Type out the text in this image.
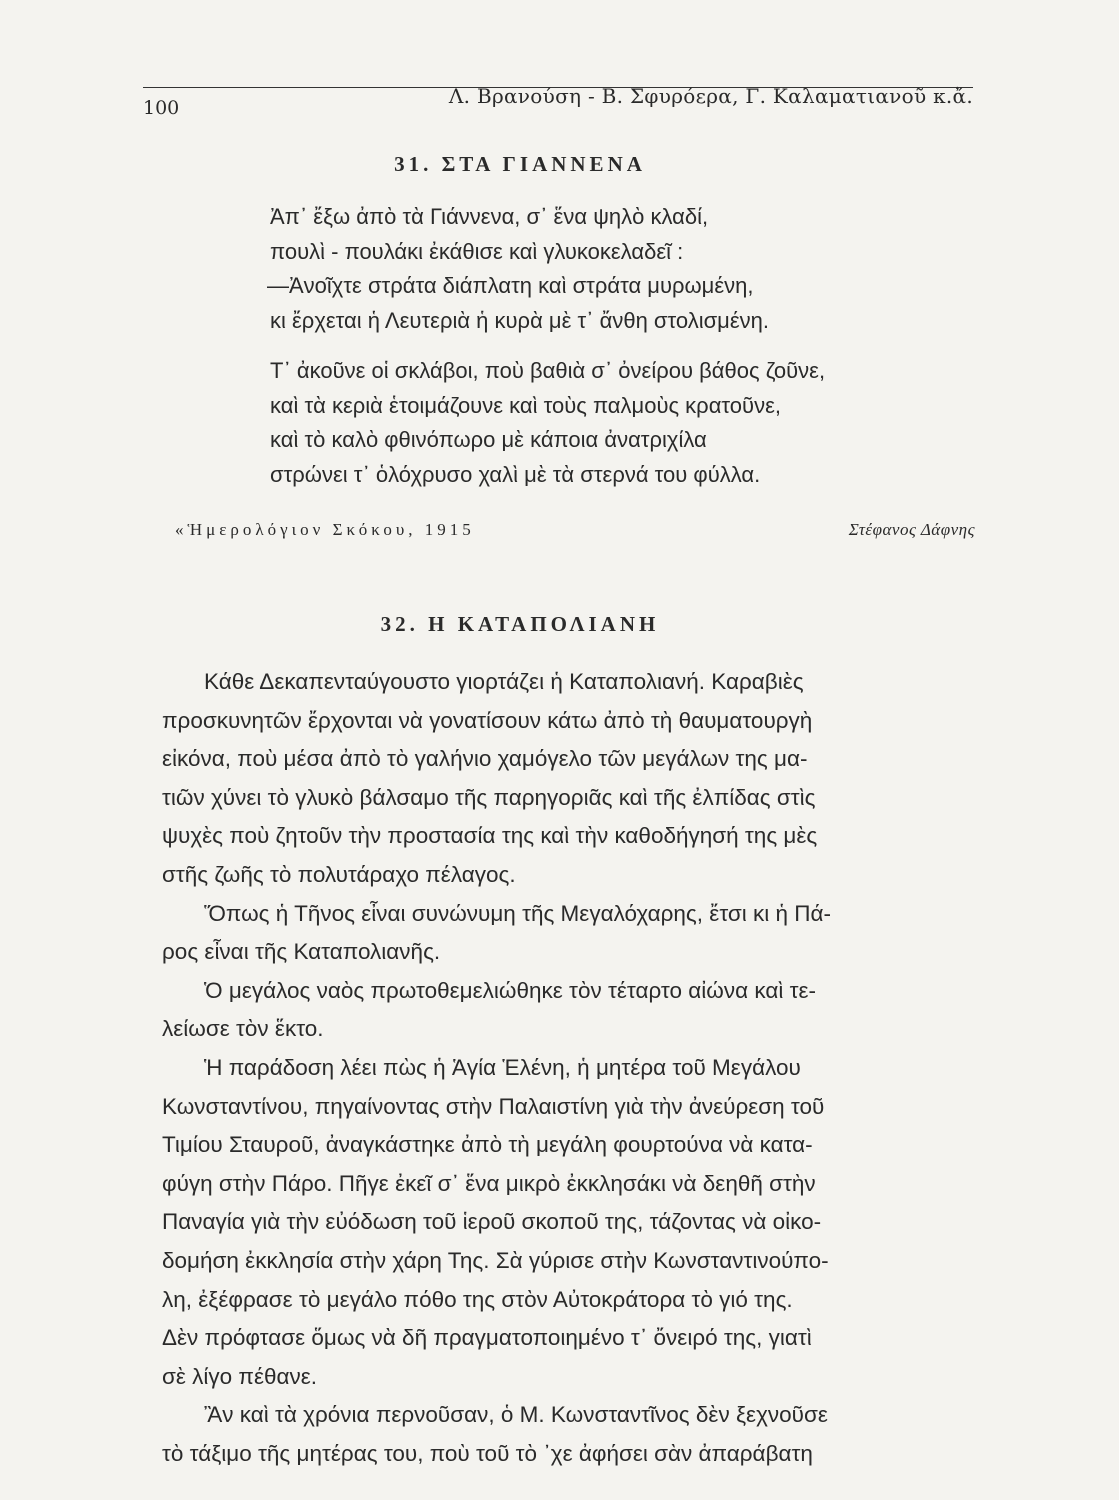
100	Λ. Βρανούση - Β. Σφυρόερα, Γ. Καλαματιανοῦ κ.ἄ.
31. ΣΤΑ ΓΙΑΝΝΕΝΑ
Ἀπ᾽ ἔξω ἀπὸ τὰ Γιάννενα, σ᾽ ἕνα ψηλὸ κλαδί,
πουλὶ - πουλάκι ἐκάθισε καὶ γλυκοκελαδεῖ :
—Ἀνοῖχτε στράτα διάπλατη καὶ στράτα μυρωμένη,
κι ἔρχεται ἡ Λευτεριὰ ἡ κυρὰ μὲ τ᾽ ἄνθη στολισμένη.
Τ᾽ ἀκοῦνε οἱ σκλάβοι, ποὺ βαθιὰ σ᾽ ὀνείρου βάθος ζοῦνε,
καὶ τὰ κεριὰ ἑτοιμάζουνε καὶ τοὺς παλμοὺς κρατοῦνε,
καὶ τὸ καλὸ φθινόπωρο μὲ κάποια ἀνατριχίλα
στρώνει τ᾽ ὁλόχρυσο χαλὶ μὲ τὰ στερνά του φύλλα.
«Ἡμερολόγιον Σκόκου, 1915	Στέφανος Δάφνης
32. Η ΚΑΤΑΠΟΛΙΑΝΗ

Κάθε Δεκαπενταύγουστο γιορτάζει ἡ Καταπολιανή. Καραβιὲς
προσκυνητῶν ἔρχονται νὰ γονατίσουν κάτω ἀπὸ τὴ θαυματουργὴ
εἰκόνα, ποὺ μέσα ἀπὸ τὸ γαλήνιο χαμόγελο τῶν μεγάλων της μα-
τιῶν χύνει τὸ γλυκὸ βάλσαμο τῆς παρηγοριᾶς καὶ τῆς ἐλπίδας στὶς
ψυχὲς ποὺ ζητοῦν τὴν προστασία της καὶ τὴν καθοδήγησή της μὲς
στῆς ζωῆς τὸ πολυτάραχο πέλαγος.

Ὅπως ἡ Τῆνος εἶναι συνώνυμη τῆς Μεγαλόχαρης, ἔτσι κι ἡ Πά-
ρος εἶναι τῆς Καταπολιανῆς.

Ὁ μεγάλος ναὸς πρωτοθεμελιώθηκε τὸν τέταρτο αἰώνα καὶ τε-
λείωσε τὸν ἕκτο.

Ἡ παράδοση λέει πὼς ἡ Ἁγία Ἑλένη, ἡ μητέρα τοῦ Μεγάλου
Κωνσταντίνου, πηγαίνοντας στὴν Παλαιστίνη γιὰ τὴν ἀνεύρεση τοῦ
Τιμίου Σταυροῦ, ἀναγκάστηκε ἀπὸ τὴ μεγάλη φουρτούνα νὰ κατα-
φύγη στὴν Πάρο. Πῆγε ἐκεῖ σ᾽ ἕνα μικρὸ ἐκκλησάκι νὰ δεηθῆ στὴν
Παναγία γιὰ τὴν εὐόδωση τοῦ ἱεροῦ σκοποῦ της, τάζοντας νὰ οἰκο-
δομήση ἐκκλησία στὴν χάρη Της. Σὰ γύρισε στὴν Κωνσταντινούπο-
λη, ἐξέφρασε τὸ μεγάλο πόθο της στὸν Αὐτοκράτορα τὸ γιό της.
Δὲν πρόφτασε ὅμως νὰ δῆ πραγματοποιημένο τ᾽ ὄνειρό της, γιατὶ
σὲ λίγο πέθανε.

Ἂν καὶ τὰ χρόνια περνοῦσαν, ὁ Μ. Κωνσταντῖνος δὲν ξεχνοῦσε
τὸ τάξιμο τῆς μητέρας του, ποὺ τοῦ τὸ ᾽χε ἀφήσει σὰν ἀπαράβατη
